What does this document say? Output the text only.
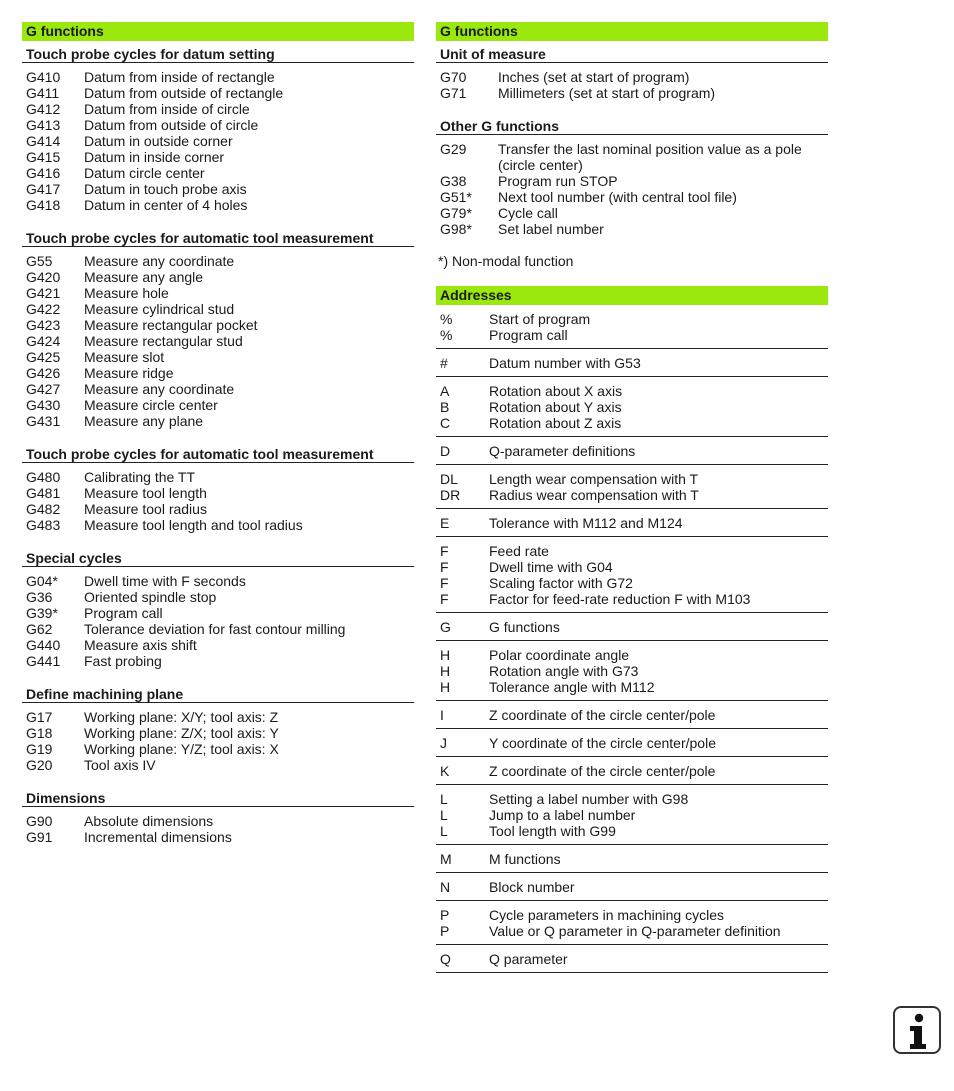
G functions
Touch probe cycles for datum setting
G410	Datum from inside of rectangle
G411	Datum from outside of rectangle
G412	Datum from inside of circle
G413	Datum from outside of circle
G414	Datum in outside corner
G415	Datum in inside corner
G416	Datum circle center
G417	Datum in touch probe axis
G418	Datum in center of 4 holes
Touch probe cycles for automatic tool measurement
G55	Measure any coordinate
G420	Measure any angle
G421	Measure hole
G422	Measure cylindrical stud
G423	Measure rectangular pocket
G424	Measure rectangular stud
G425	Measure slot
G426	Measure ridge
G427	Measure any coordinate
G430	Measure circle center
G431	Measure any plane
Touch probe cycles for automatic tool measurement
G480	Calibrating the TT
G481	Measure tool length
G482	Measure tool radius
G483	Measure tool length and tool radius
Special cycles
G04*	Dwell time with F seconds
G36	Oriented spindle stop
G39*	Program call
G62	Tolerance deviation for fast contour milling
G440	Measure axis shift
G441	Fast probing
Define machining plane
G17	Working plane: X/Y; tool axis: Z
G18	Working plane: Z/X; tool axis: Y
G19	Working plane: Y/Z; tool axis: X
G20	Tool axis IV
Dimensions
G90	Absolute dimensions
G91	Incremental dimensions
G functions
Unit of measure
G70	Inches (set at start of program)
G71	Millimeters (set at start of program)
Other G functions
G29	Transfer the last nominal position value as a pole
(circle center)
G38	Program run STOP
G51*	Next tool number (with central tool file)
G79*	Cycle call
G98*	Set label number
*) Non-modal function
Addresses
%	Start of program
%	Program call
#	Datum number with G53
A	Rotation about X axis
B	Rotation about Y axis
C	Rotation about Z axis
D	Q-parameter definitions
DL	Length wear compensation with T
DR	Radius wear compensation with T
E	Tolerance with M112 and M124
F	Feed rate
F	Dwell time with G04
F	Scaling factor with G72
F	Factor for feed-rate reduction F with M103
G	G functions
H	Polar coordinate angle
H	Rotation angle with G73
H	Tolerance angle with M112
I	Z coordinate of the circle center/pole
J	Y coordinate of the circle center/pole
K	Z coordinate of the circle center/pole
L	Setting a label number with G98
L	Jump to a label number
L	Tool length with G99
M	M functions
N	Block number
P	Cycle parameters in machining cycles
P	Value or Q parameter in Q-parameter definition
Q	Q parameter
